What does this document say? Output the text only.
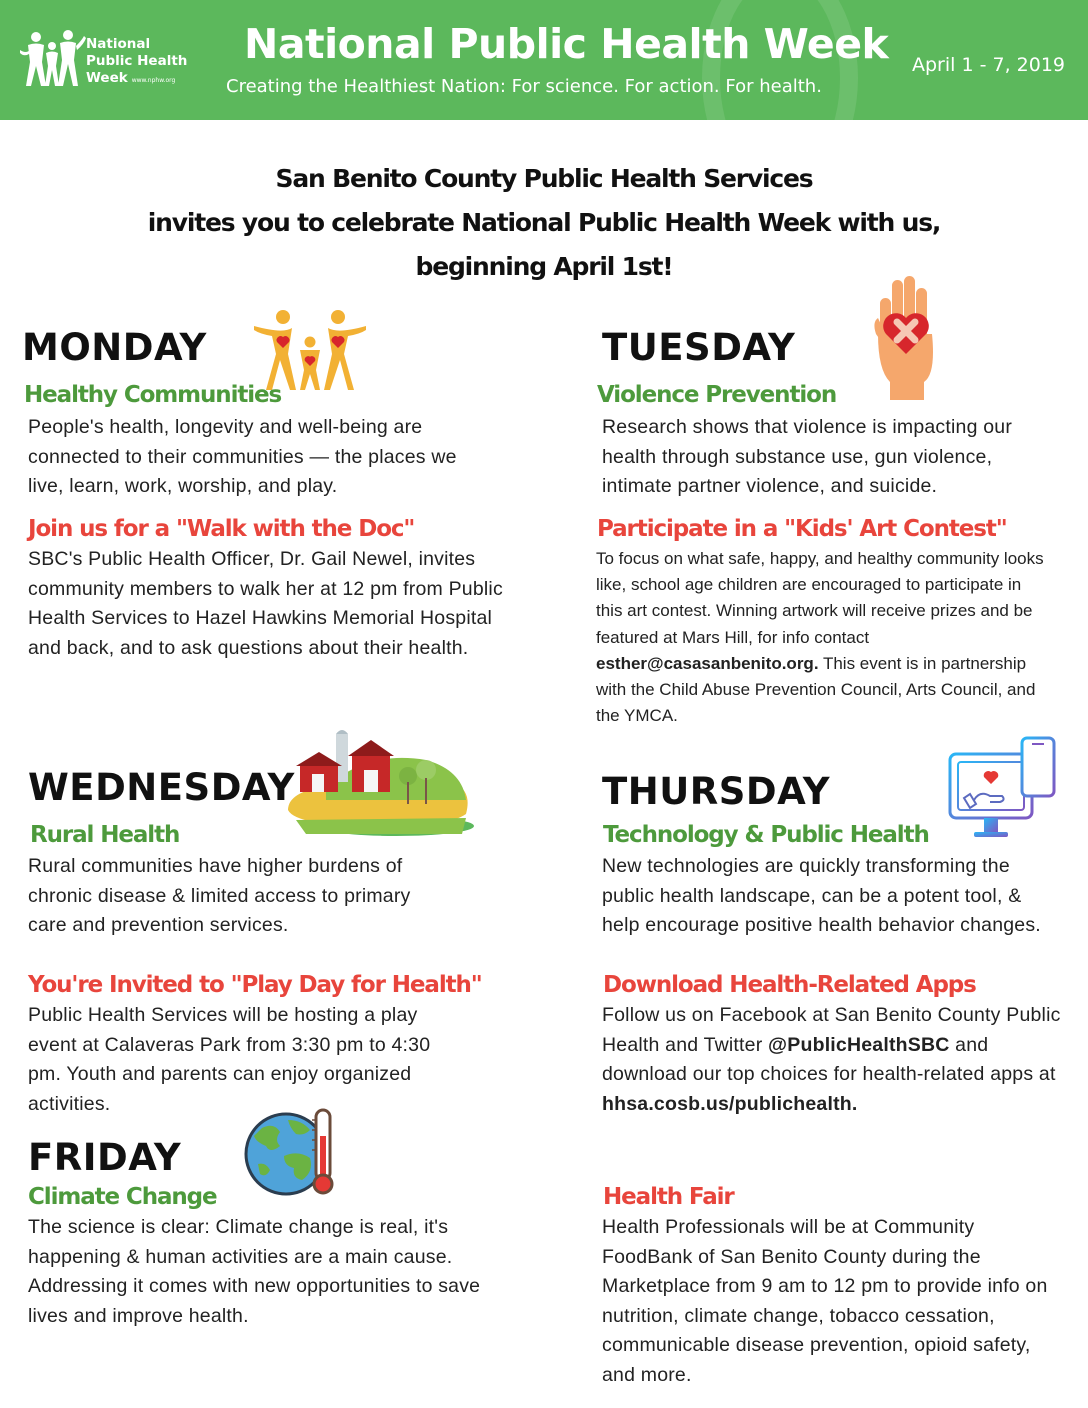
National
Public Health
Week www.nphw.org
National Public Health Week
Creating the Healthiest Nation: For science. For action. For health.
April 1 - 7, 2019
San Benito County Public Health Services
invites you to celebrate National Public Health Week with us,
beginning April 1st!
MONDAY
Healthy Communities
People's health, longevity and well-being are connected to their communities — the places we live, learn, work, worship, and play.
Join us for a "Walk with the Doc"
SBC's Public Health Officer, Dr. Gail Newel, invites community members to walk her at 12 pm from Public Health Services to Hazel Hawkins Memorial Hospital and back, and to ask questions about their health.
TUESDAY
Violence Prevention
Research shows that violence is impacting our health through substance use, gun violence, intimate partner violence, and suicide.
Participate in a "Kids' Art Contest"
To focus on what safe, happy, and healthy community looks like, school age children are encouraged to participate in this art contest. Winning artwork will receive prizes and be featured at Mars Hill, for info contact esther@casasanbenito.org. This event is in partnership with the Child Abuse Prevention Council, Arts Council, and the YMCA.
WEDNESDAY
Rural Health
Rural communities have higher burdens of chronic disease & limited access to primary care and prevention services.
You're Invited to "Play Day for Health"
Public Health Services will be hosting a play event at Calaveras Park from 3:30 pm to 4:30 pm. Youth and parents can enjoy organized activities.
THURSDAY
Technology & Public Health
New technologies are quickly transforming the public health landscape, can be a potent tool, & help encourage positive health behavior changes.
Download Health-Related Apps
Follow us on Facebook at San Benito County Public Health and Twitter @PublicHealthSBC and download our top choices for health-related apps at hhsa.cosb.us/publichealth.
FRIDAY
Climate Change
The science is clear: Climate change is real, it's happening & human activities are a main cause. Addressing it comes with new opportunities to save lives and improve health.
Health Fair
Health Professionals will be at Community FoodBank of San Benito County during the Marketplace from 9 am to 12 pm to provide info on nutrition, climate change, tobacco cessation, communicable disease prevention, opioid safety, and more.
